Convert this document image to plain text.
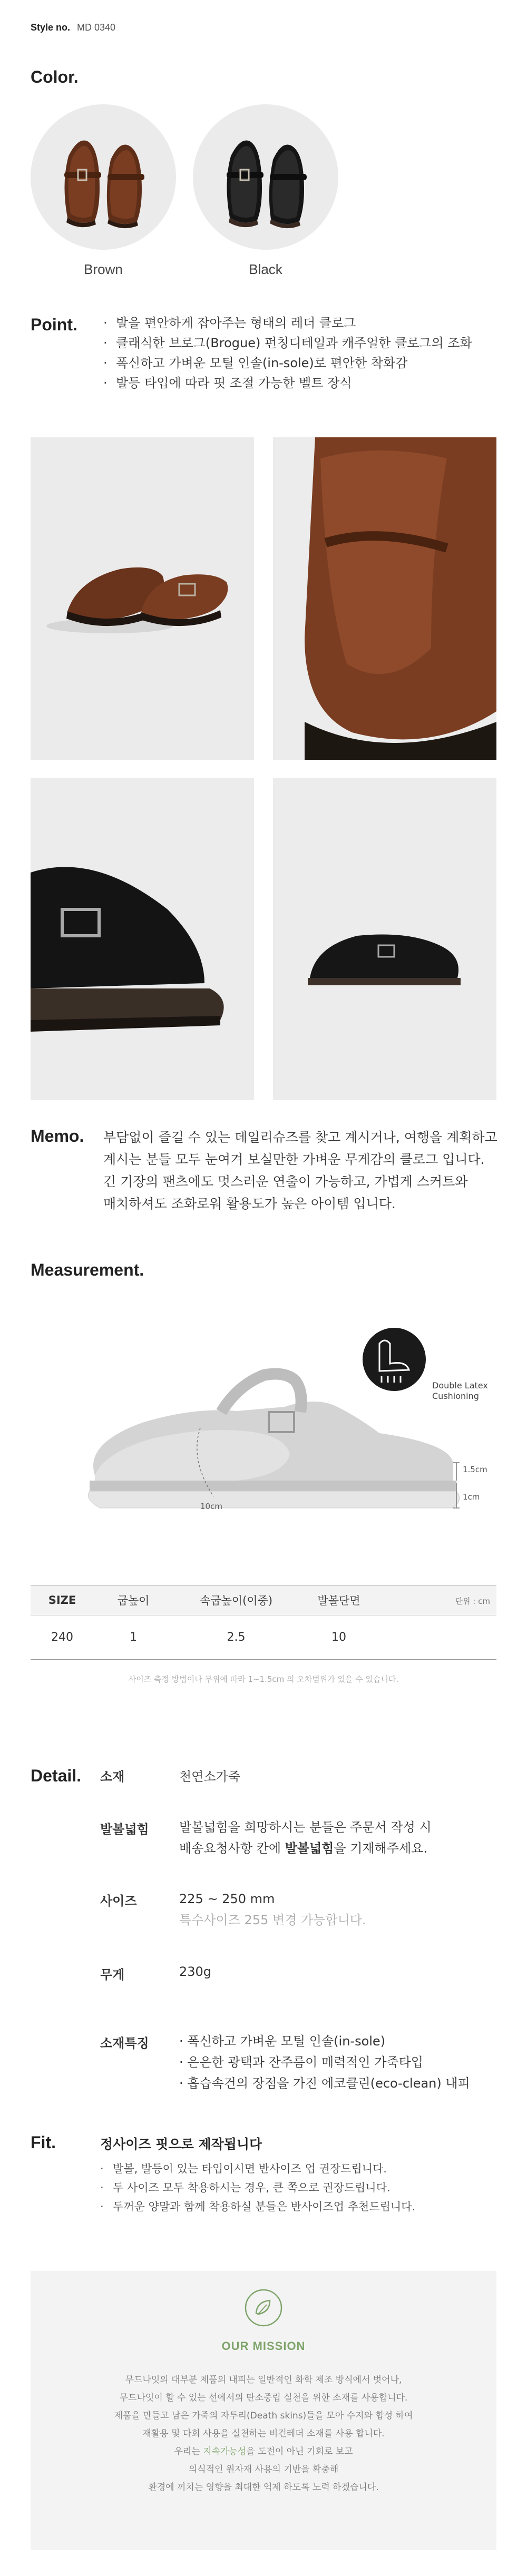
Style no. MD 0340
Color.
Brown	Black
Point.
·	발을 편안하게 잡아주는 형태의 레더 클로그
· 클래식한 브로그(Brogue) 펀칭디테일과 캐주얼한 클로그의 조화
· 폭신하고 가벼운 모틸 인솔(in-sole)로 편안한 착화감
· 발등 타입에 따라 핏 조절 가능한 벨트 장식
Memo. 부담없이 즐길 수 있는 데일리슈즈를 찾고 계시거나, 여행을 계획하고
계시는 분들 모두 눈여겨 보실만한 가벼운 무게감의 클로그 입니다.
긴 기장의 팬츠에도 멋스러운 연출이 가능하고, 가볍게 스커트와
매치하셔도 조화로워 활용도가 높은 아이템 입니다.
Measurement.
Double Latex
Cushioning
1.5cm
1cm
10cm
단위 : cm
SIZE	굽높이	속굽높이(이중)	발볼단면
240	1	2.5	10
사이즈 측정 방법이나 부위에 따라 1~1.5cm 의 오차범위가 있을 수 있습니다.
Detail. 소재	천연소가죽
발볼넓힘	발볼넓힘을 희망하시는 분들은 주문서 작성 시
배송요청사항 칸에 발볼넓힘을 기재해주세요.
사이즈	225 ~ 250 mm
특수사이즈 255 변경 가능합니다.
무게	230g
소재특징	· 폭신하고 가벼운 모틸 인솔(in-sole)
· 은은한 광택과 잔주름이 매력적인 가죽타입
· 흡습속건의 장점을 가진 에코클린(eco-clean) 내피
Fit.	정사이즈 핏으로 제작됩니다
· 발볼, 발등이 있는 타입이시면 반사이즈 업 권장드립니다.
· 두 사이즈 모두 착용하시는 경우, 큰 쪽으로 권장드립니다.
· 두꺼운 양말과 함께 착용하실 분들은 반사이즈업 추천드립니다.
OUR MISSION
무드나잇의 대부분 제품의 내피는 일반적인 화학 제조 방식에서 벗어나,
무드나잇이 할 수 있는 선에서의 탄소중립 실천을 위한 소재를 사용합니다.
제품을 만들고 남은 가죽의 자투리(Death skins)들을 모아 수지와 합성 하여
재활용 및 다회 사용을 실천하는 비건레더 소재를 사용 합니다.
우리는 지속가능성을 도전이 아닌 기회로 보고
의식적인 원자재 사용의 기반을 확충해
환경에 끼치는 영향을 최대한 억제 하도록 노력 하겠습니다.
